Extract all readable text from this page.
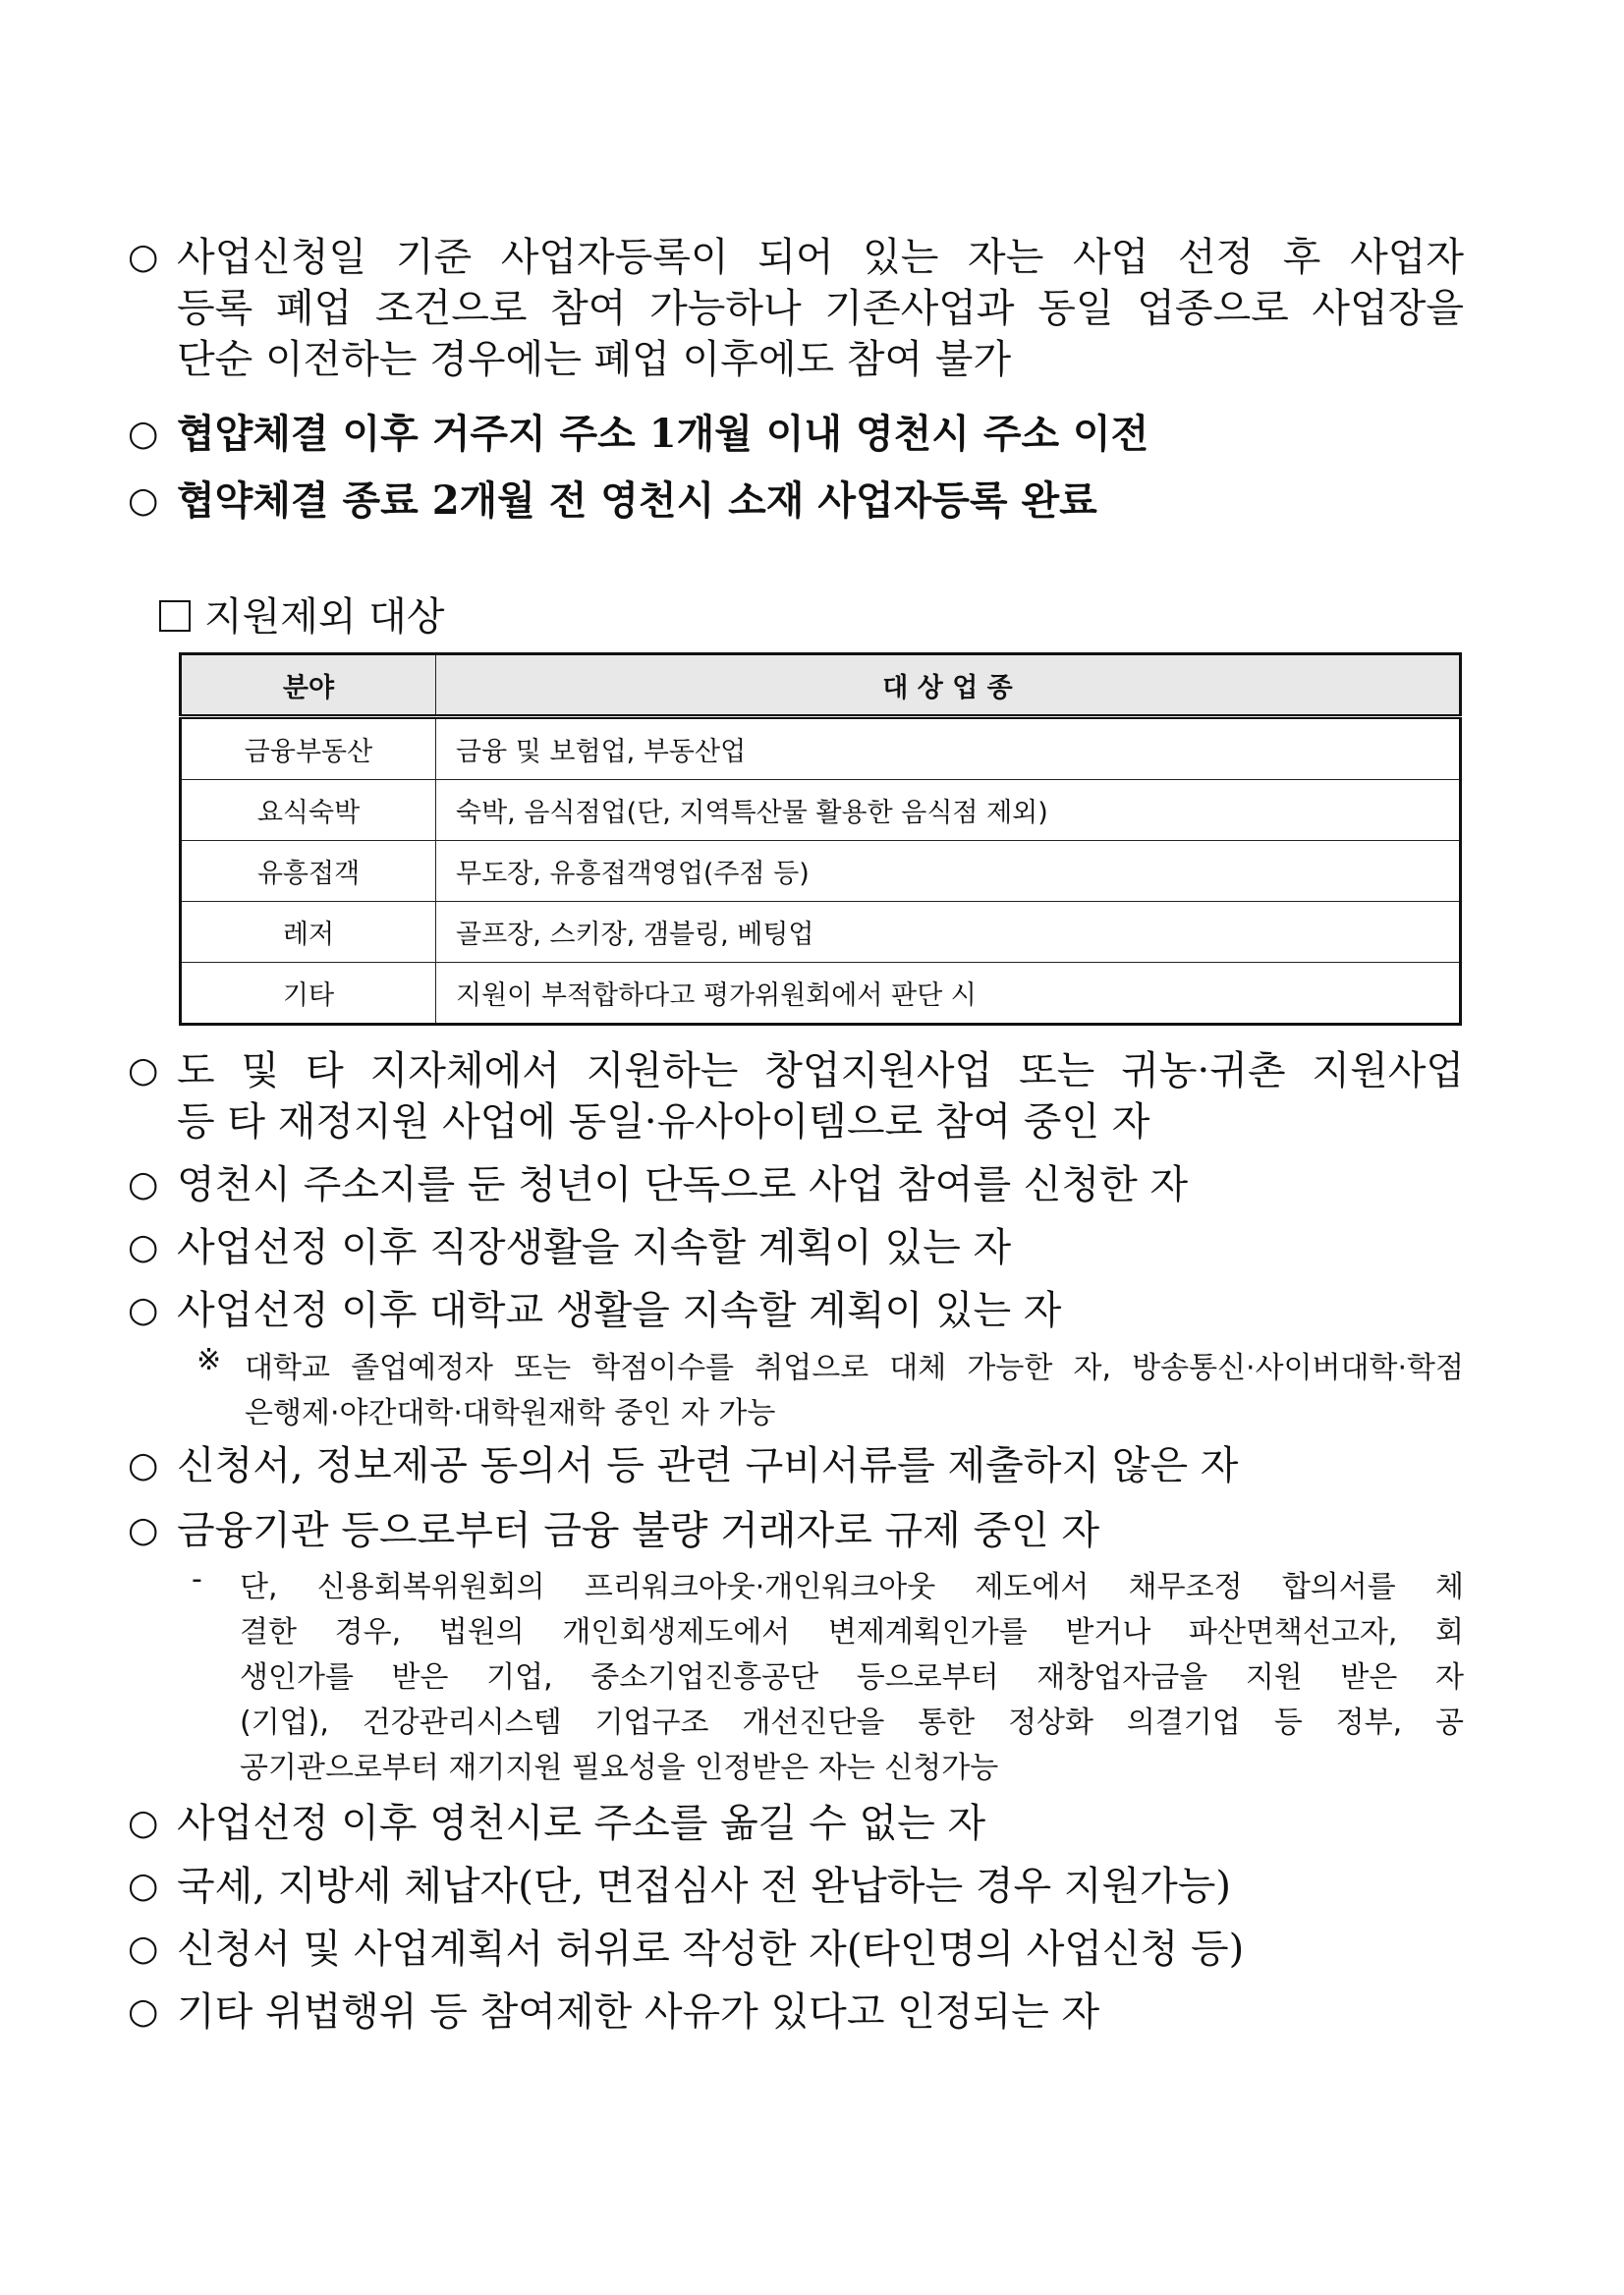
○ 사업신청일 기준 사업자등록이 되어 있는 자는 사업 선정 후 사업자
등록 폐업 조건으로 참여 가능하나 기존사업과 동일 업종으로 사업장을
단순 이전하는 경우에는 폐업 이후에도 참여 불가
○ 협얍체결 이후 거주지 주소 1개월 이내 영천시 주소 이전
○ 협약체결 종료 2개월 전 영천시 소재 사업자등록 완료
지원제외 대상
분야	대 상 업 종
금융부동산	금융 및 보험업, 부동산업
요식숙박	숙박, 음식점업(단, 지역특산물 활용한 음식점 제외)
유흥접객	무도장, 유흥접객영업(주점 등)
레저	골프장, 스키장, 갬블링, 베팅업
기타	지원이 부적합하다고 평가위원회에서 판단 시
○ 도 및 타 지자체에서 지원하는 창업지원사업 또는 귀농·귀촌 지원사업
등 타 재정지원 사업에 동일·유사아이템으로 참여 중인 자
○ 영천시 주소지를 둔 청년이 단독으로 사업 참여를 신청한 자
○ 사업선정 이후 직장생활을 지속할 계획이 있는 자
○ 사업선정 이후 대학교 생활을 지속할 계획이 있는 자
※ 대학교 졸업예정자 또는 학점이수를 취업으로 대체 가능한 자, 방송통신·사이버대학·학점
은행제·야간대학·대학원재학 중인 자 가능
○ 신청서, 정보제공 동의서 등 관련 구비서류를 제출하지 않은 자
○ 금융기관 등으로부터 금융 불량 거래자로 규제 중인 자
- 단, 신용회복위원회의 프리워크아웃·개인워크아웃 제도에서 채무조정 합의서를 체
결한 경우, 법원의 개인회생제도에서 변제계획인가를 받거나 파산면책선고자, 회
생인가를 받은 기업, 중소기업진흥공단 등으로부터 재창업자금을 지원 받은 자
(기업), 건강관리시스템 기업구조 개선진단을 통한 정상화 의결기업 등 정부, 공
공기관으로부터 재기지원 필요성을 인정받은 자는 신청가능
○ 사업선정 이후 영천시로 주소를 옮길 수 없는 자
○ 국세, 지방세 체납자(단, 면접심사 전 완납하는 경우 지원가능)
○ 신청서 및 사업계획서 허위로 작성한 자(타인명의 사업신청 등)
○ 기타 위법행위 등 참여제한 사유가 있다고 인정되는 자
